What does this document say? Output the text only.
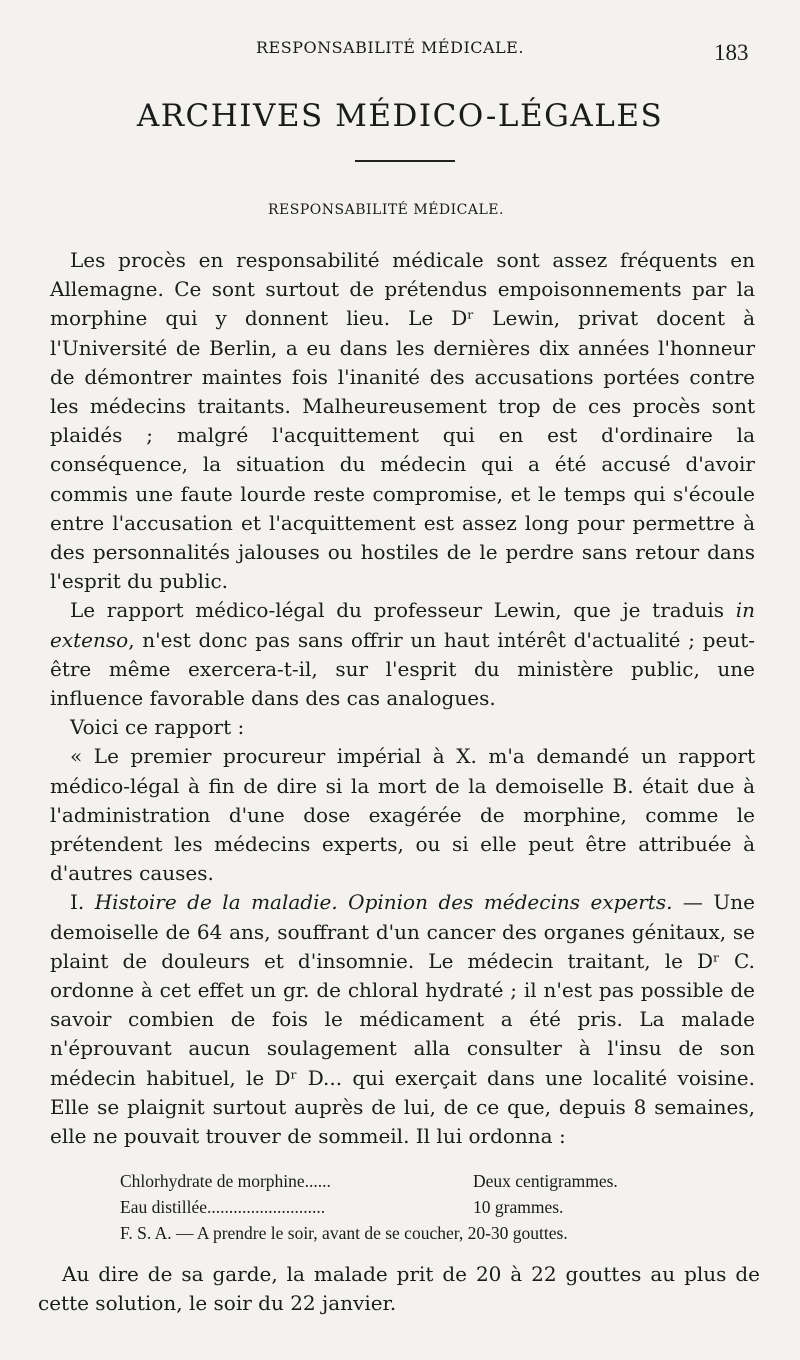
RESPONSABILITÉ MÉDICALE.	183
ARCHIVES MÉDICO-LÉGALES
RESPONSABILITÉ MÉDICALE.

Les procès en responsabilité médicale sont assez fréquents en Allemagne. Ce sont surtout de prétendus empoisonnements par la morphine qui y donnent lieu. Le Dʳ Lewin, privat docent à l'Université de Berlin, a eu dans les dernières dix années l'honneur de démontrer maintes fois l'inanité des accusations portées contre les médecins traitants. Malheureusement trop de ces procès sont plaidés ; malgré l'acquittement qui en est d'ordinaire la conséquence, la situation du médecin qui a été accusé d'avoir commis une faute lourde reste compromise, et le temps qui s'écoule entre l'accusation et l'acquittement est assez long pour permettre à des personnalités jalouses ou hostiles de le perdre sans retour dans l'esprit du public.

Le rapport médico-légal du professeur Lewin, que je traduis in extenso, n'est donc pas sans offrir un haut intérêt d'actualité ; peut-être même exercera-t-il, sur l'esprit du ministère public, une influence favorable dans des cas analogues.

Voici ce rapport :

« Le premier procureur impérial à X. m'a demandé un rapport médico-légal à fin de dire si la mort de la demoiselle B. était due à l'administration d'une dose exagérée de morphine, comme le prétendent les médecins experts, ou si elle peut être attribuée à d'autres causes.

I. Histoire de la maladie. Opinion des médecins experts. — Une demoiselle de 64 ans, souffrant d'un cancer des organes génitaux, se plaint de douleurs et d'insomnie. Le médecin traitant, le Dʳ C. ordonne à cet effet un gr. de chloral hydraté ; il n'est pas possible de savoir combien de fois le médicament a été pris. La malade n'éprouvant aucun soulagement alla consulter à l'insu de son médecin habituel, le Dʳ D... qui exerçait dans une localité voisine. Elle se plaignit surtout auprès de lui, de ce que, depuis 8 semaines, elle ne pouvait trouver de sommeil. Il lui ordonna :

Chlorhydrate de morphine......	Deux centigrammes.
Eau distillée...........................	10 grammes.
F. S. A. — A prendre le soir, avant de se coucher, 20-30 gouttes.

Au dire de sa garde, la malade prit de 20 à 22 gouttes au plus de cette solution, le soir du 22 janvier.
